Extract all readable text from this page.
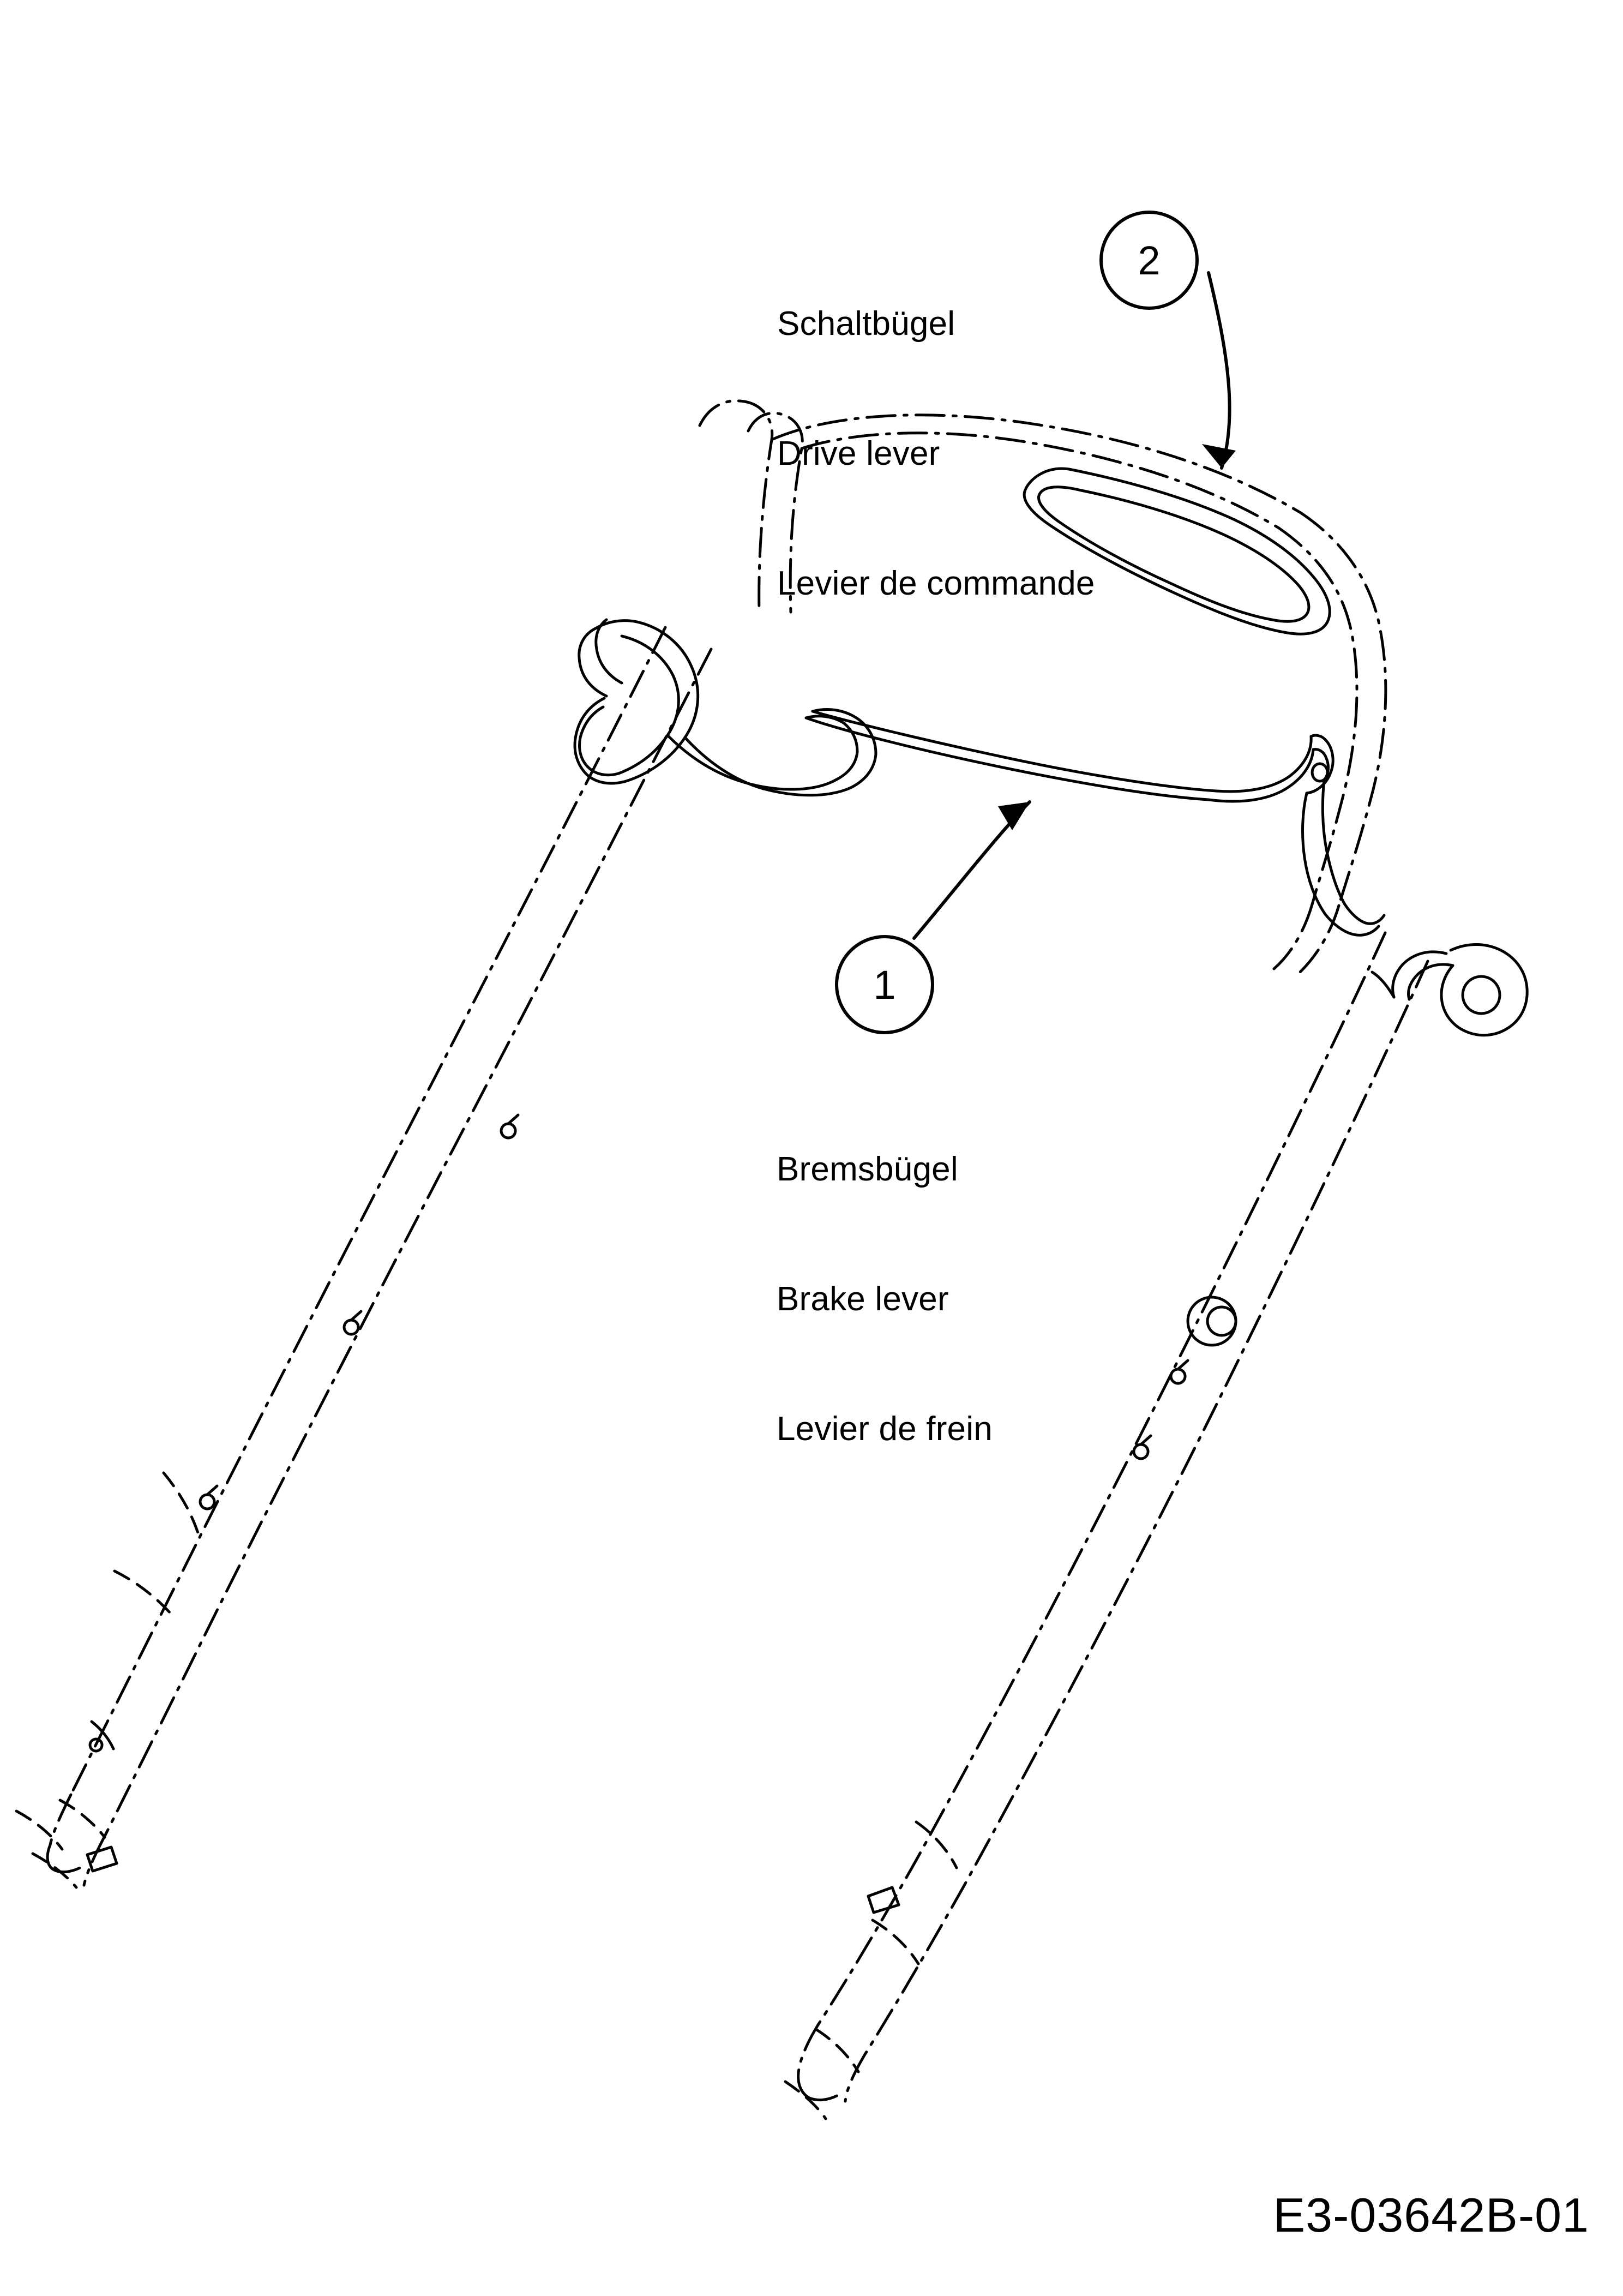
2
1

Schaltbügel

Drive lever

Levier de commande

Bremsbügel

Brake lever

Levier de frein

E3-03642B-01
